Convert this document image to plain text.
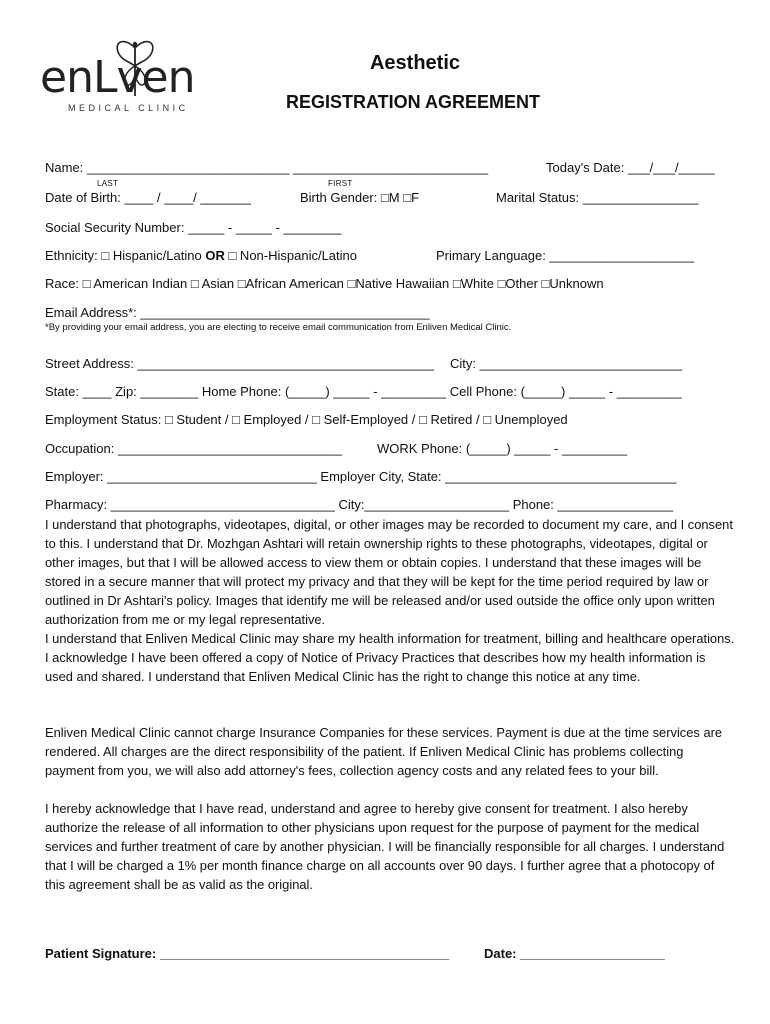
enLven
MEDICAL CLINIC
Aesthetic
REGISTRATION AGREEMENT
Name: ____________________________ ___________________________
LAST	FIRST
Today's Date: ___/___/_____
Date of Birth: ____ / ____/ _______	Birth Gender: □M □F	Marital Status: ________________
Social Security Number: _____ - _____ - ________
Ethnicity: □ Hispanic/Latino OR □ Non-Hispanic/Latino	Primary Language: ____________________
Race: □ American Indian □ Asian □African American □Native Hawaiian □White □Other □Unknown
Email Address*: ________________________________________
*By providing your email address, you are electing to receive email communication from Enliven Medical Clinic.
Street Address: _________________________________________ City: ____________________________
State: ____ Zip: ________ Home Phone: (_____) _____ - _________ Cell Phone: (_____) _____ - _________
Employment Status: □ Student / □ Employed / □ Self-Employed / □ Retired / □ Unemployed
Occupation: _______________________________	WORK Phone: (_____) _____ - _________
Employer: _____________________________ Employer City, State: ________________________________
Pharmacy: _______________________________ City:____________________ Phone: ________________
I understand that photographs, videotapes, digital, or other images may be recorded to document my care, and I consent to this. I understand that Dr. Mozhgan Ashtari will retain ownership rights to these photographs, videotapes, digital or other images, but that I will be allowed access to view them or obtain copies. I understand that these images will be stored in a secure manner that will protect my privacy and that they will be kept for the time period required by law or outlined in Dr Ashtari's policy. Images that identify me will be released and/or used outside the office only upon written authorization from me or my legal representative.
I understand that Enliven Medical Clinic may share my health information for treatment, billing and healthcare operations. I acknowledge I have been offered a copy of Notice of Privacy Practices that describes how my health information is used and shared. I understand that Enliven Medical Clinic has the right to change this notice at any time.
Enliven Medical Clinic cannot charge Insurance Companies for these services. Payment is due at the time services are rendered. All charges are the direct responsibility of the patient. If Enliven Medical Clinic has problems collecting payment from you, we will also add attorney's fees, collection agency costs and any related fees to your bill.
I hereby acknowledge that I have read, understand and agree to hereby give consent for treatment. I also hereby authorize the release of all information to other physicians upon request for the purpose of payment for the medical services and further treatment of care by another physician. I will be financially responsible for all charges. I understand that I will be charged a 1% per month finance charge on all accounts over 90 days. I further agree that a photocopy of this agreement shall be as valid as the original.
Patient Signature: ________________________________________	Date: ____________________
